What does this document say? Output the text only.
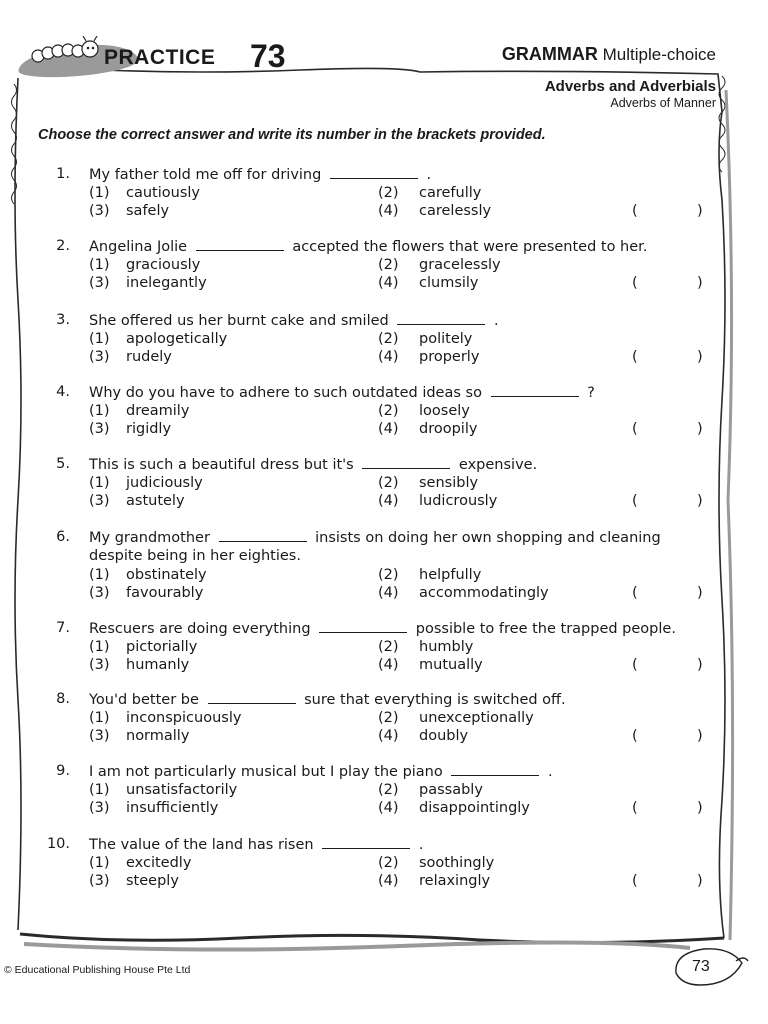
PRACTICE 73	GRAMMAR Multiple-choice
Adverbs and Adverbials
Adverbs of Manner
Choose the correct answer and write its number in the brackets provided.
1. My father told me off for driving	.
(1) cautiously	(2) carefully
(3) safely	(4) carelessly	(	)
2. Angelina Jolie	accepted the flowers that were presented to her.
(1) graciously	(2) gracelessly
(3) inelegantly	(4) clumsily	(	)
3. She offered us her burnt cake and smiled	.
(1) apologetically	(2) politely
(3) rudely	(4) properly	(	)
4. Why do you have to adhere to such outdated ideas so	?
(1) dreamily	(2) loosely
(3) rigidly	(4) droopily	(	)
5. This is such a beautiful dress but it's	expensive.
(1) judiciously	(2) sensibly
(3) astutely	(4) ludicrously	(	)
6. My grandmother	insists on doing her own shopping and cleaning despite being in her eighties.
(1) obstinately	(2) helpfully
(3) favourably	(4) accommodatingly	(	)
7. Rescuers are doing everything	possible to free the trapped people.
(1) pictorially	(2) humbly
(3) humanly	(4) mutually	(	)
8. You'd better be	sure that everything is switched off.
(1) inconspicuously	(2) unexceptionally
(3) normally	(4) doubly	(	)
9. I am not particularly musical but I play the piano	.
(1) unsatisfactorily	(2) passably
(3) insufficiently	(4) disappointingly	(	)
10. The value of the land has risen	.
(1) excitedly	(2) soothingly
(3) steeply	(4) relaxingly	(	)
© Educational Publishing House Pte Ltd	73
